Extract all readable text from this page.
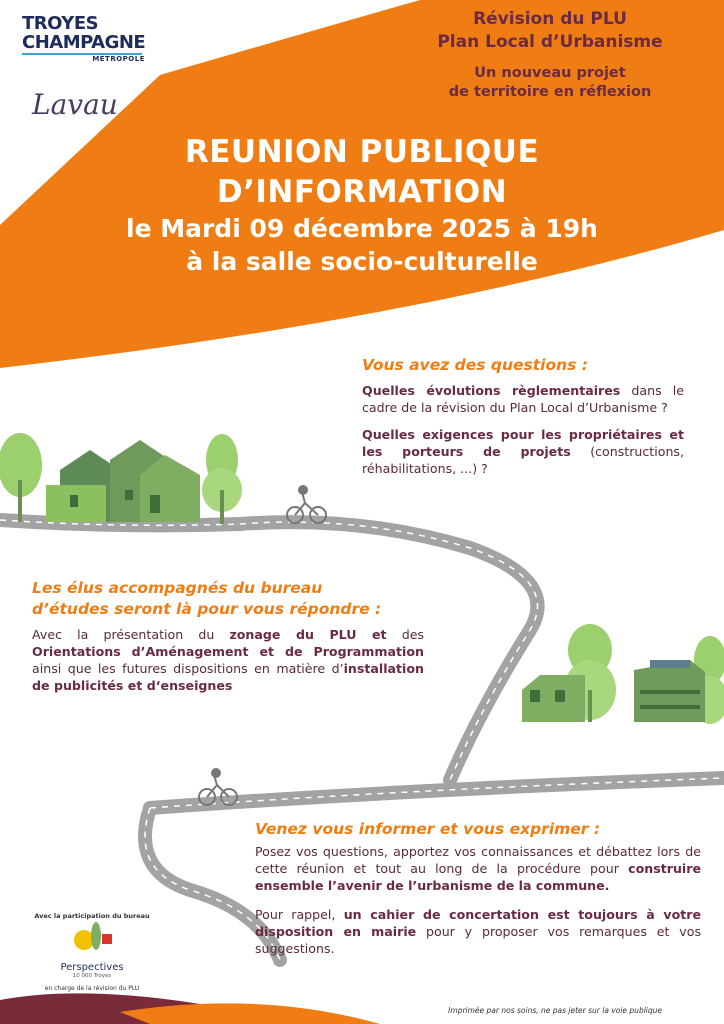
TROYES
CHAMPAGNE
MÉTROPOLE
Lavau
Révision du PLU
Plan Local d’Urbanisme
Un nouveau projet
de territoire en réflexion
REUNION PUBLIQUE
D’INFORMATION
le Mardi 09 décembre 2025 à 19h
à la salle socio-culturelle
Vous avez des questions :
Quelles évolutions règlementaires dans le cadre de la révision du Plan Local d’Urbanisme ?
Quelles exigences pour les propriétaires et les porteurs de projets (constructions, réhabilitations, ...) ?
Les élus accompagnés du bureau
d’études seront là pour vous répondre :
Avec la présentation du zonage du PLU et des Orientations d’Aménagement et de Programmation ainsi que les futures dispositions en matière d’installation de publicités et d‘enseignes
Venez vous informer et vous exprimer :
Posez vos questions, apportez vos connaissances et débattez lors de cette réunion et tout au long de la procédure pour construire ensemble l’avenir de l’urbanisme de la commune.
Pour rappel, un cahier de concertation est toujours à votre disposition en mairie pour y proposer vos remarques et vos suggestions.
Avec la participation du bureau
Perspectives
10 000 Troyes
en charge de la révision du PLU
Imprimée par nos soins, ne pas jeter sur la voie publique
